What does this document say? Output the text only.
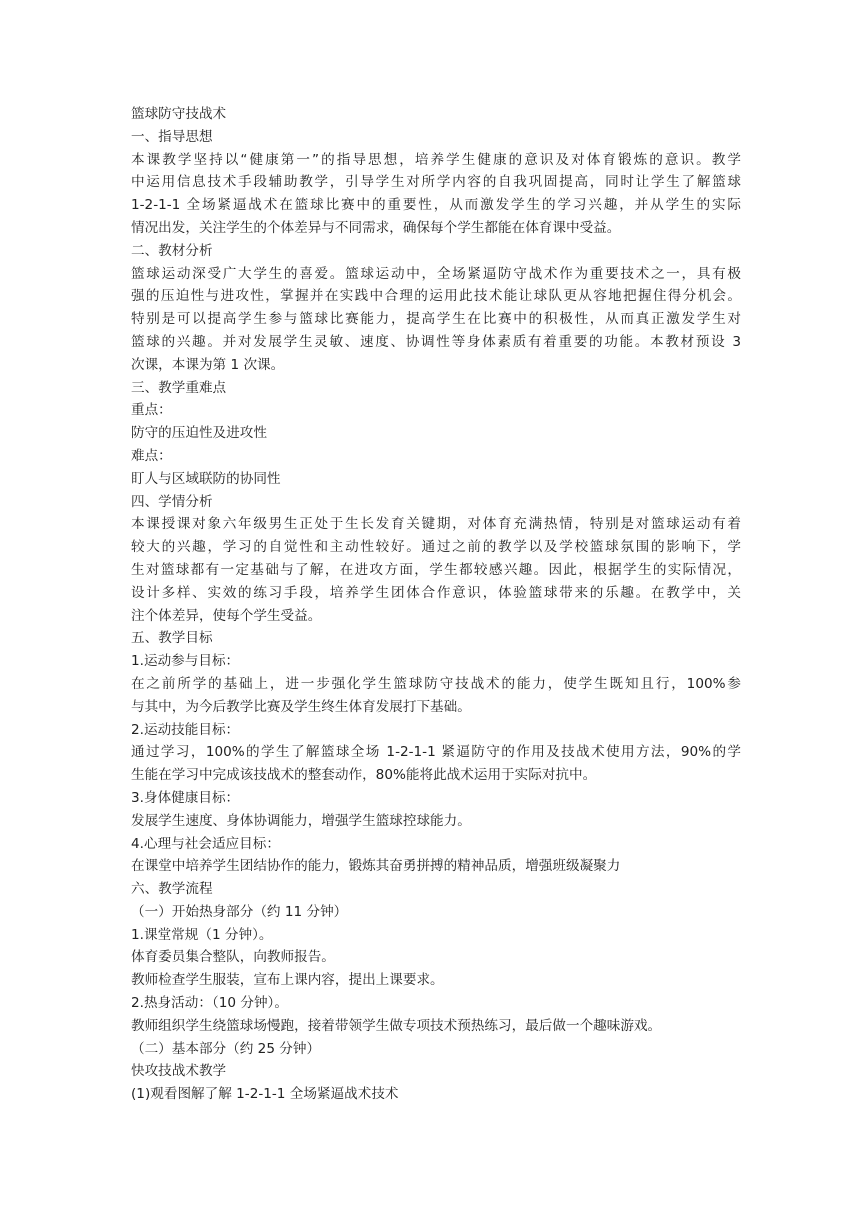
篮球防守技战术
一、指导思想
本课教学坚持以“健康第一”的指导思想，培养学生健康的意识及对体育锻炼的意识。教学
中运用信息技术手段辅助教学，引导学生对所学内容的自我巩固提高，同时让学生了解篮球
1-2-1-1 全场紧逼战术在篮球比赛中的重要性，从而激发学生的学习兴趣，并从学生的实际
情况出发，关注学生的个体差异与不同需求，确保每个学生都能在体育课中受益。
二、教材分析
篮球运动深受广大学生的喜爱。篮球运动中，全场紧逼防守战术作为重要技术之一，具有极
强的压迫性与进攻性，掌握并在实践中合理的运用此技术能让球队更从容地把握住得分机会。
特别是可以提高学生参与篮球比赛能力，提高学生在比赛中的积极性，从而真正激发学生对
篮球的兴趣。并对发展学生灵敏、速度、协调性等身体素质有着重要的功能。本教材预设 3
次课，本课为第 1 次课。
三、教学重难点
重点：
防守的压迫性及进攻性
难点：
盯人与区域联防的协同性
四、学情分析
本课授课对象六年级男生正处于生长发育关键期，对体育充满热情，特别是对篮球运动有着
较大的兴趣，学习的自觉性和主动性较好。通过之前的教学以及学校篮球氛围的影响下，学
生对篮球都有一定基础与了解，在进攻方面，学生都较感兴趣。因此，根据学生的实际情况，
设计多样、实效的练习手段，培养学生团体合作意识，体验篮球带来的乐趣。在教学中，关
注个体差异，使每个学生受益。
五、教学目标
1.运动参与目标：
在之前所学的基础上，进一步强化学生篮球防守技战术的能力，使学生既知且行，100%参
与其中，为今后教学比赛及学生终生体育发展打下基础。
2.运动技能目标：
通过学习，100%的学生了解篮球全场 1-2-1-1 紧逼防守的作用及技战术使用方法，90%的学
生能在学习中完成该技战术的整套动作，80%能将此战术运用于实际对抗中。
3.身体健康目标：
发展学生速度、身体协调能力，增强学生篮球控球能力。
4.心理与社会适应目标：
在课堂中培养学生团结协作的能力，锻炼其奋勇拼搏的精神品质，增强班级凝聚力
六、教学流程
（一）开始热身部分（约 11 分钟）
1.课堂常规（1 分钟）。
体育委员集合整队，向教师报告。
教师检查学生服装，宣布上课内容，提出上课要求。
2.热身活动：（10 分钟）。
教师组织学生绕篮球场慢跑，接着带领学生做专项技术预热练习，最后做一个趣味游戏。
（二）基本部分（约 25 分钟）
快攻技战术教学
(1)观看图解了解 1-2-1-1 全场紧逼战术技术
